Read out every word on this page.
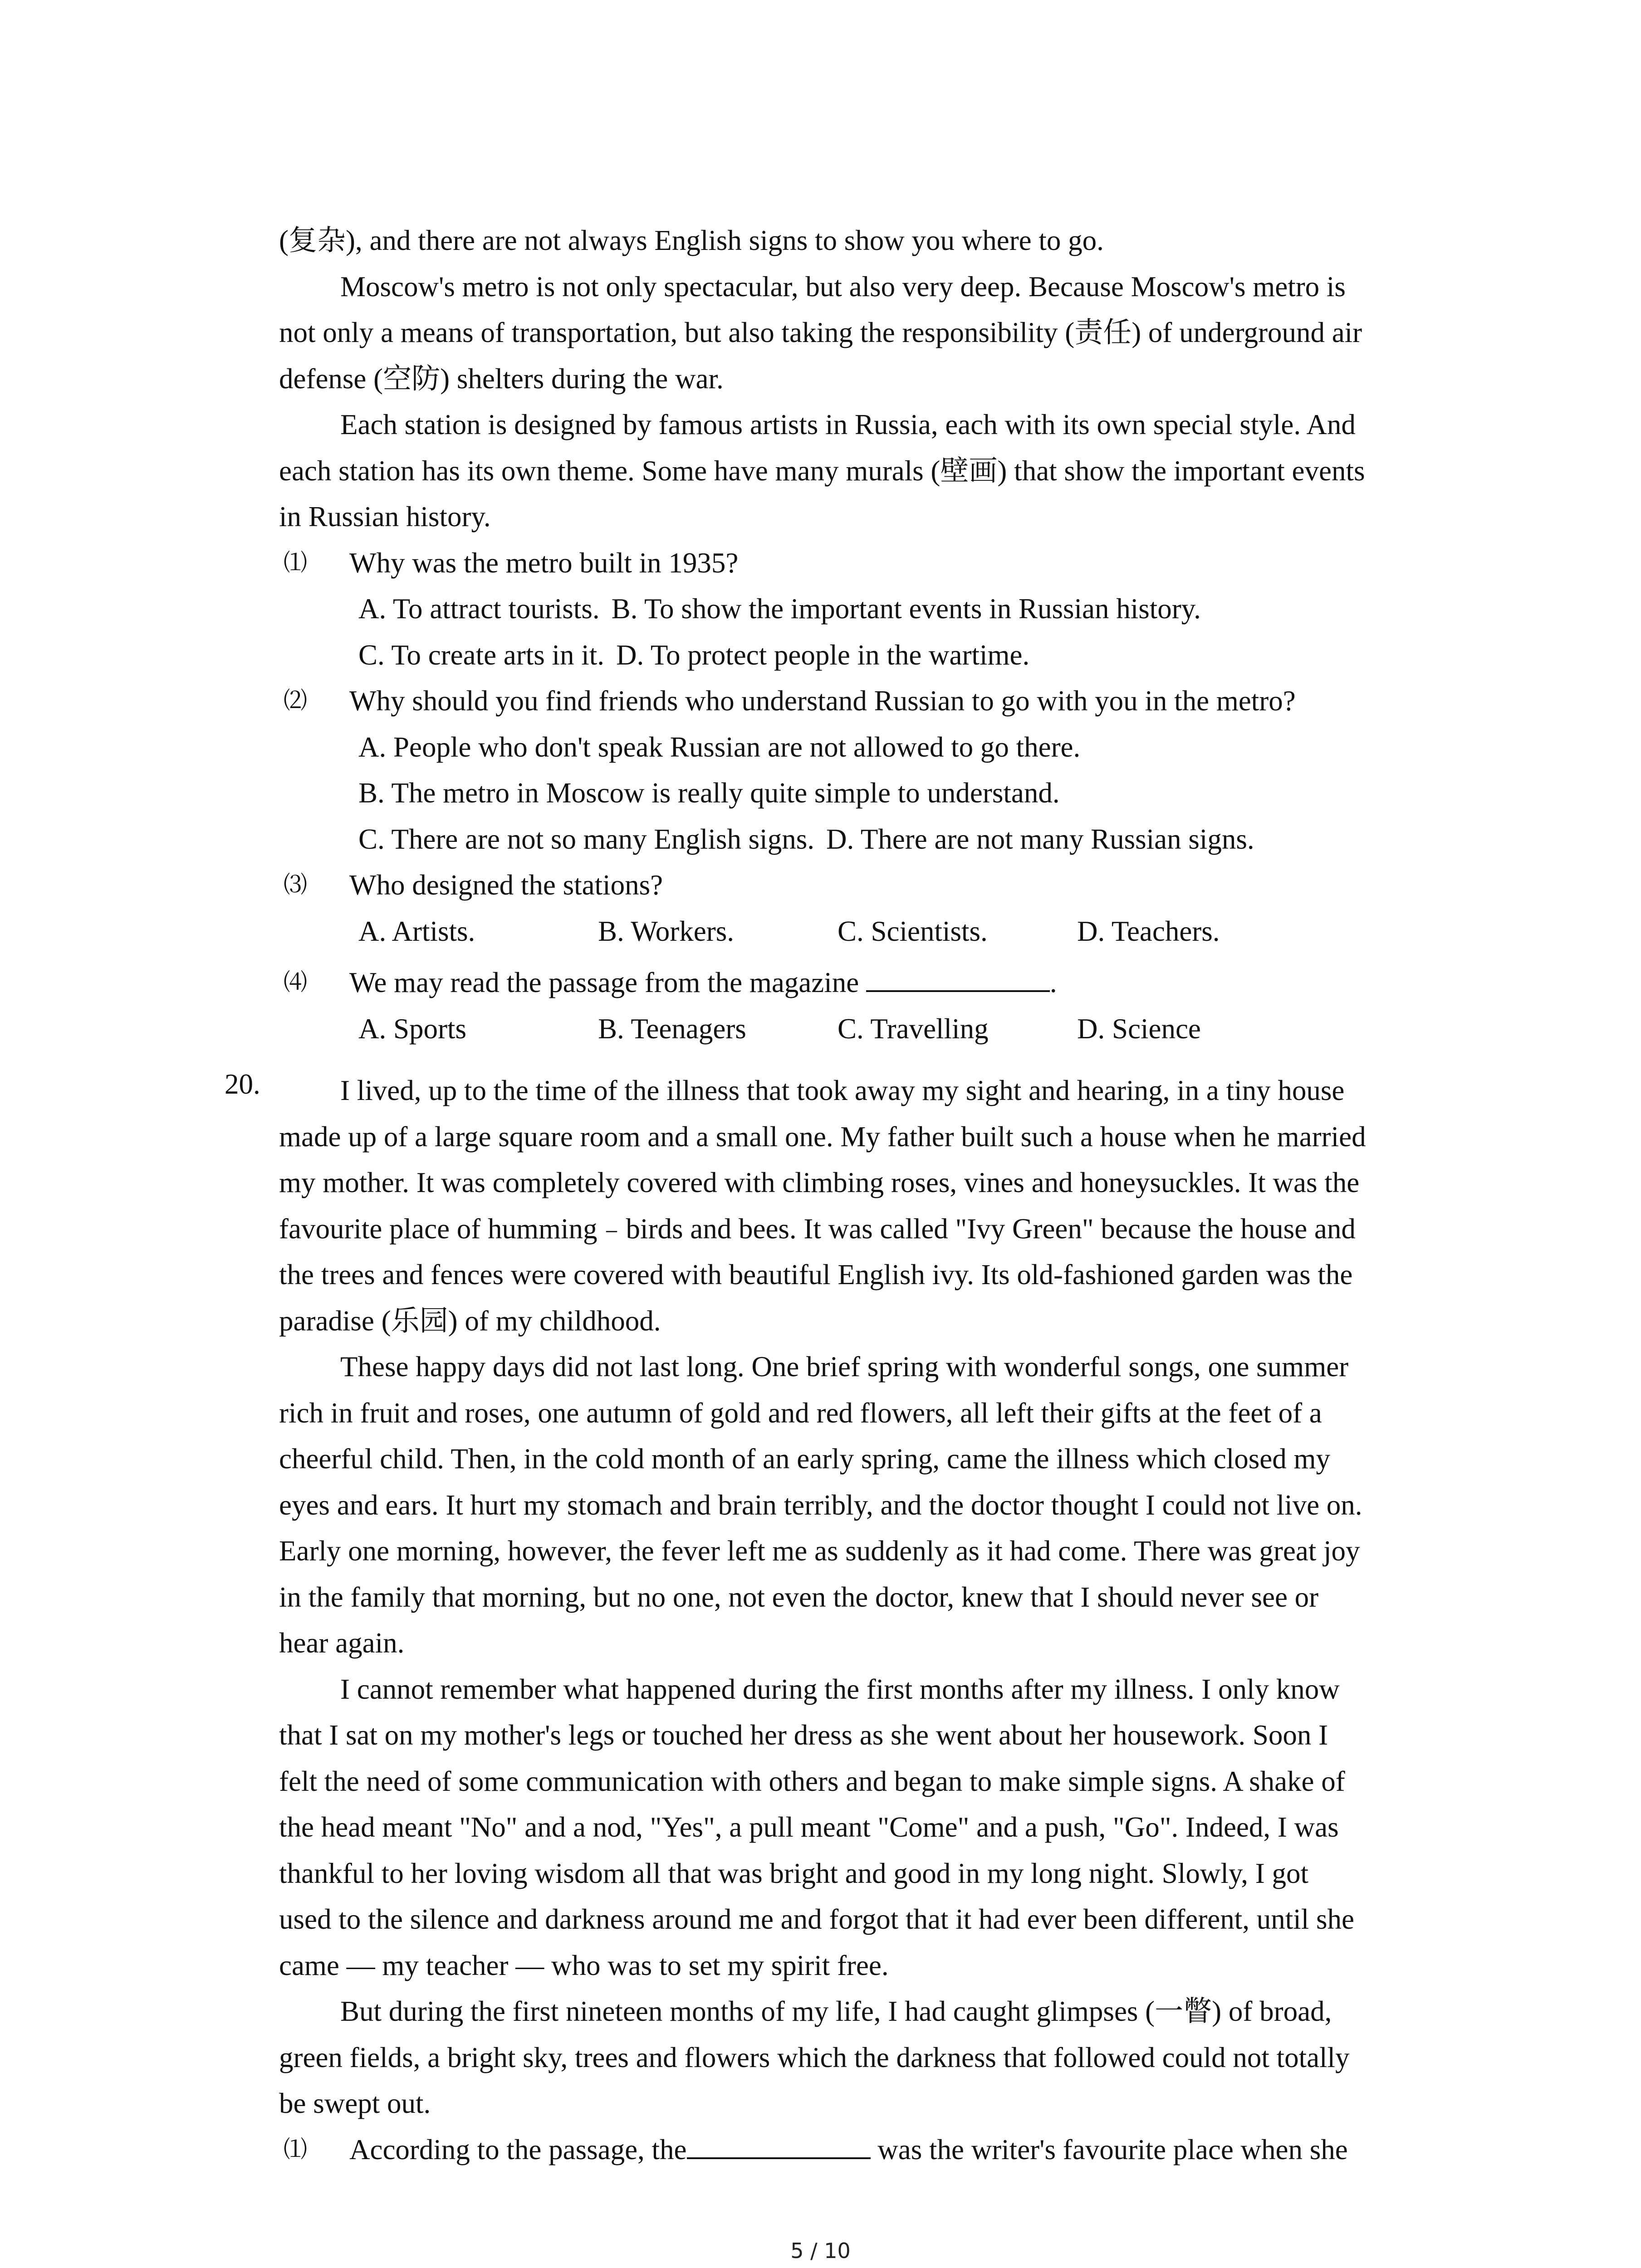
(复杂), and there are not always English signs to show you where to go.
Moscow's metro is not only spectacular, but also very deep. Because Moscow's metro is
not only a means of transportation, but also taking the responsibility (责任) of underground air
defense (空防) shelters during the war.
Each station is designed by famous artists in Russia, each with its own special style. And
each station has its own theme. Some have many murals (壁画) that show the important events
in Russian history.
⑴ Why was the metro built in 1935?
A. To attract tourists. B. To show the important events in Russian history.
C. To create arts in it. D. To protect people in the wartime.
⑵ Why should you find friends who understand Russian to go with you in the metro?
A. People who don't speak Russian are not allowed to go there.
B. The metro in Moscow is really quite simple to understand.
C. There are not so many English signs. D. There are not many Russian signs.
⑶ Who designed the stations?
A. Artists.	B. Workers.	C. Scientists.	D. Teachers.
⑷ We may read the passage from the magazine	.
A. Sports	B. Teenagers	C. Travelling	D. Science
20.	I lived, up to the time of the illness that took away my sight and hearing, in a tiny house
made up of a large square room and a small one. My father built such a house when he married
my mother. It was completely covered with climbing roses, vines and honeysuckles. It was the
favourite place of humming﹣birds and bees. It was called "Ivy Green" because the house and
the trees and fences were covered with beautiful English ivy. Its old-fashioned garden was the
paradise (乐园) of my childhood.
These happy days did not last long. One brief spring with wonderful songs, one summer
rich in fruit and roses, one autumn of gold and red flowers, all left their gifts at the feet of a
cheerful child. Then, in the cold month of an early spring, came the illness which closed my
eyes and ears. It hurt my stomach and brain terribly, and the doctor thought I could not live on.
Early one morning, however, the fever left me as suddenly as it had come. There was great joy
in the family that morning, but no one, not even the doctor, knew that I should never see or
hear again.
I cannot remember what happened during the first months after my illness. I only know
that I sat on my mother's legs or touched her dress as she went about her housework. Soon I
felt the need of some communication with others and began to make simple signs. A shake of
the head meant "No" and a nod, "Yes", a pull meant "Come" and a push, "Go". Indeed, I was
thankful to her loving wisdom all that was bright and good in my long night. Slowly, I got
used to the silence and darkness around me and forgot that it had ever been different, until she
came — my teacher — who was to set my spirit free.
But during the first nineteen months of my life, I had caught glimpses (一瞥) of broad,
green fields, a bright sky, trees and flowers which the darkness that followed could not totally
be swept out.
⑴ According to the passage, the	was the writer's favourite place when she
5 / 10
